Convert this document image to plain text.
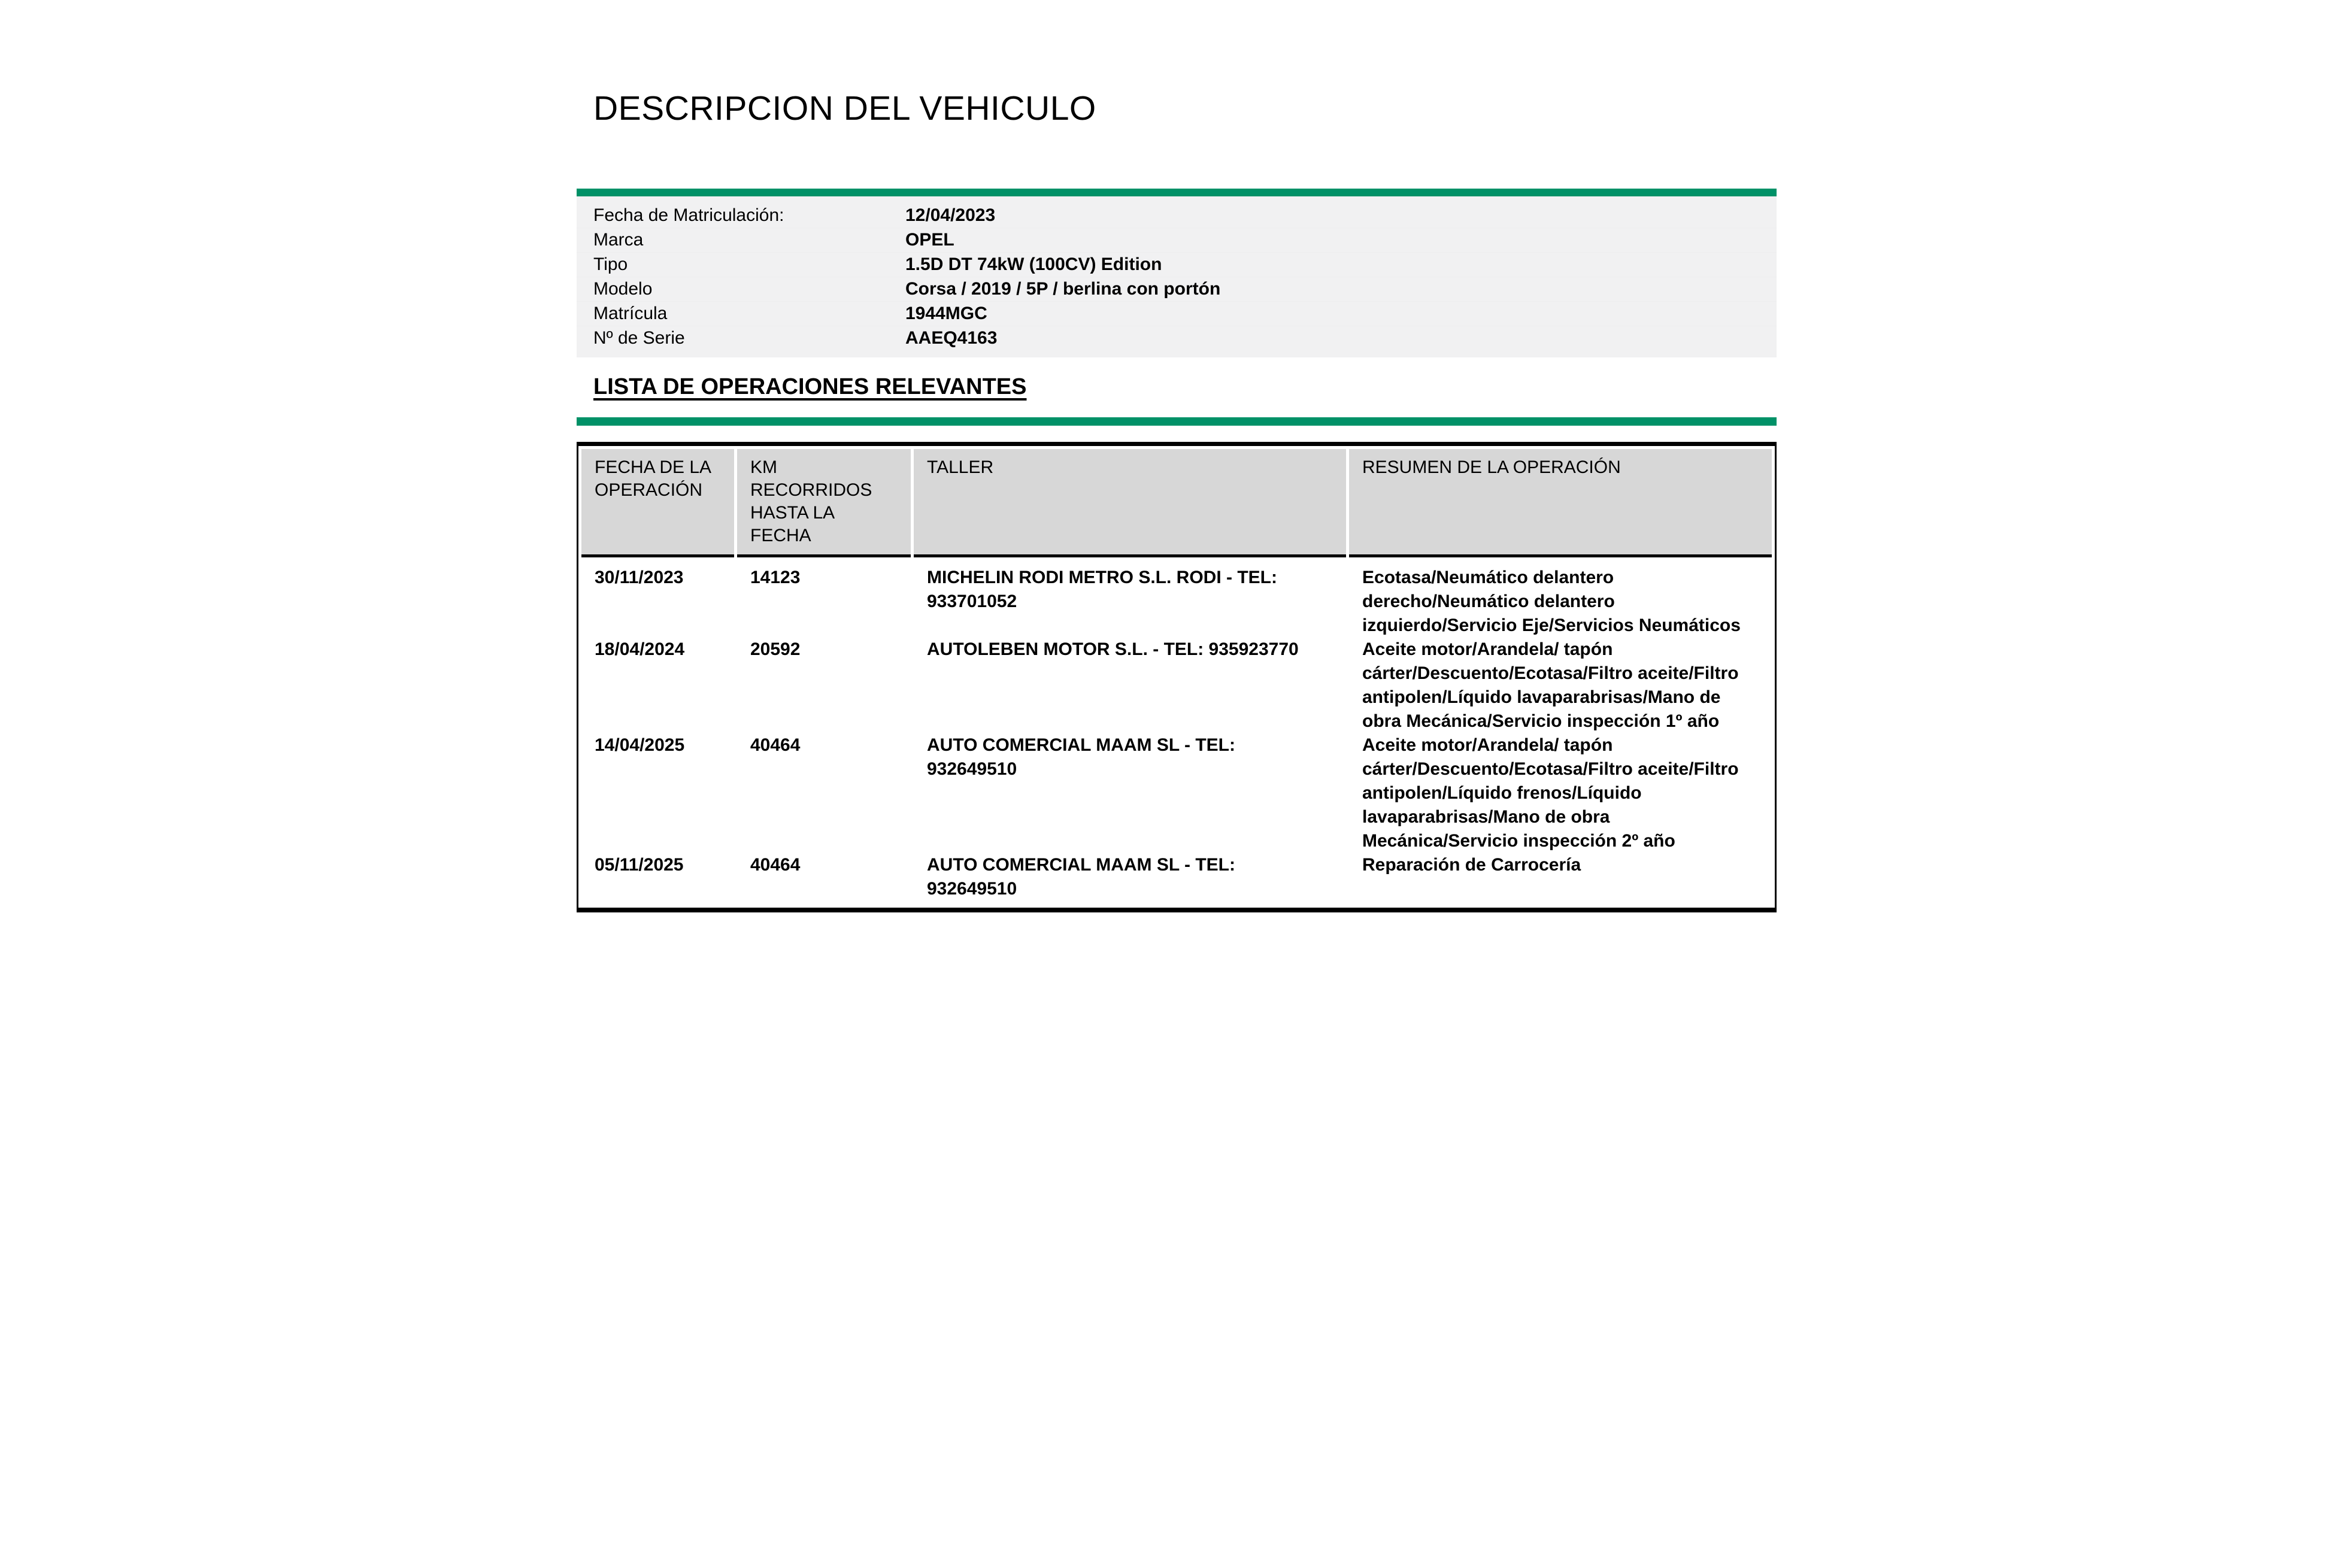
DESCRIPCION DEL VEHICULO
Fecha de Matriculación:	12/04/2023
Marca	OPEL
Tipo	1.5D DT 74kW (100CV) Edition
Modelo	Corsa / 2019 / 5P / berlina con portón
Matrícula	1944MGC
Nº de Serie	AAEQ4163
LISTA DE OPERACIONES RELEVANTES
FECHA DE LA OPERACIÓN	KM RECORRIDOS HASTA LA FECHA	TALLER	RESUMEN DE LA OPERACIÓN
30/11/2023	14123	MICHELIN RODI METRO S.L. RODI - TEL: 933701052	Ecotasa/Neumático delantero derecho/Neumático delantero izquierdo/Servicio Eje/Servicios Neumáticos
18/04/2024	20592	AUTOLEBEN MOTOR S.L. - TEL: 935923770	Aceite motor/Arandela/ tapón cárter/Descuento/Ecotasa/Filtro aceite/Filtro antipolen/Líquido lavaparabrisas/Mano de obra Mecánica/Servicio inspección 1º año
14/04/2025	40464	AUTO COMERCIAL MAAM SL - TEL: 932649510	Aceite motor/Arandela/ tapón cárter/Descuento/Ecotasa/Filtro aceite/Filtro antipolen/Líquido frenos/Líquido lavaparabrisas/Mano de obra Mecánica/Servicio inspección 2º año
05/11/2025	40464	AUTO COMERCIAL MAAM SL - TEL: 932649510	Reparación de Carrocería
